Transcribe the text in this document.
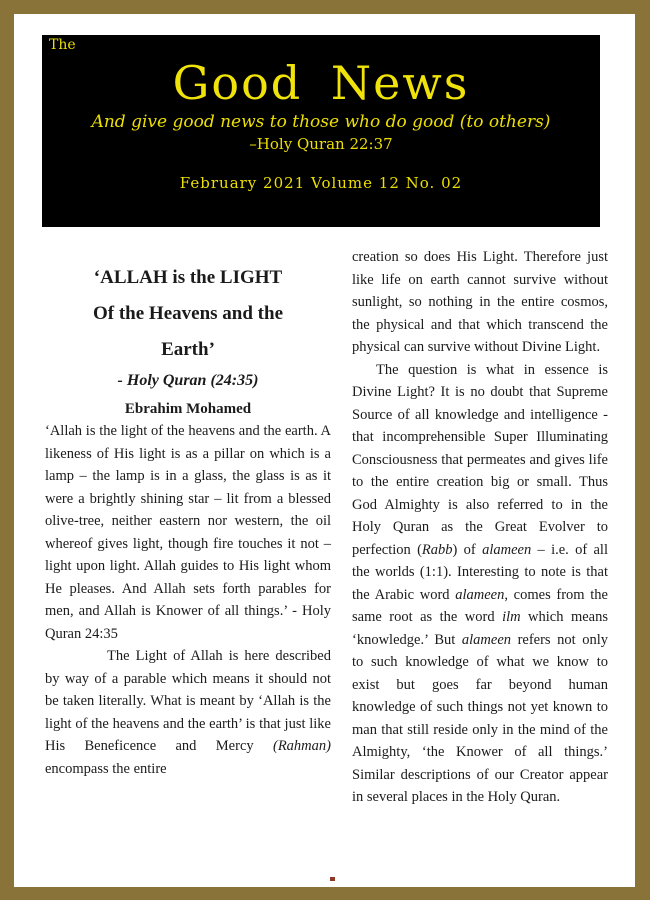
The
Good News
And give good news to those who do good (to others)
–Holy Quran 22:37
February 2021 Volume 12 No. 02
‘ALLAH is the LIGHT
Of the Heavens and the
Earth’
- Holy Quran (24:35)
Ebrahim Mohamed

‘Allah is the light of the heavens and the earth. A likeness of His light is as a pillar on which is a lamp – the lamp is in a glass, the glass is as it were a brightly shining star – lit from a blessed olive-tree, neither eastern nor western, the oil whereof gives light, though fire touches it not – light upon light. Allah guides to His light whom He pleases. And Allah sets forth parables for men, and Allah is Knower of all things.’ - Holy Quran 24:35

The Light of Allah is here described by way of a parable which means it should not be taken literally. What is meant by ‘Allah is the light of the heavens and the earth’ is that just like His Beneficence and Mercy (Rahman) encompass the entire

creation so does His Light. Therefore just like life on earth cannot survive without sunlight, so nothing in the entire cosmos, the physical and that which transcend the physical can survive without Divine Light.

The question is what in essence is Divine Light? It is no doubt that Supreme Source of all knowledge and intelligence - that incomprehensible Super Illuminating Consciousness that permeates and gives life to the entire creation big or small. Thus God Almighty is also referred to in the Holy Quran as the Great Evolver to perfection (Rabb) of alameen – i.e. of all the worlds (1:1). Interesting to note is that the Arabic word alameen, comes from the same root as the word ilm which means ‘knowledge.’ But alameen refers not only to such knowledge of what we know to exist but goes far beyond human knowledge of such things not yet known to man that still reside only in the mind of the Almighty, ‘the Knower of all things.’ Similar descriptions of our Creator appear in several places in the Holy Quran.
